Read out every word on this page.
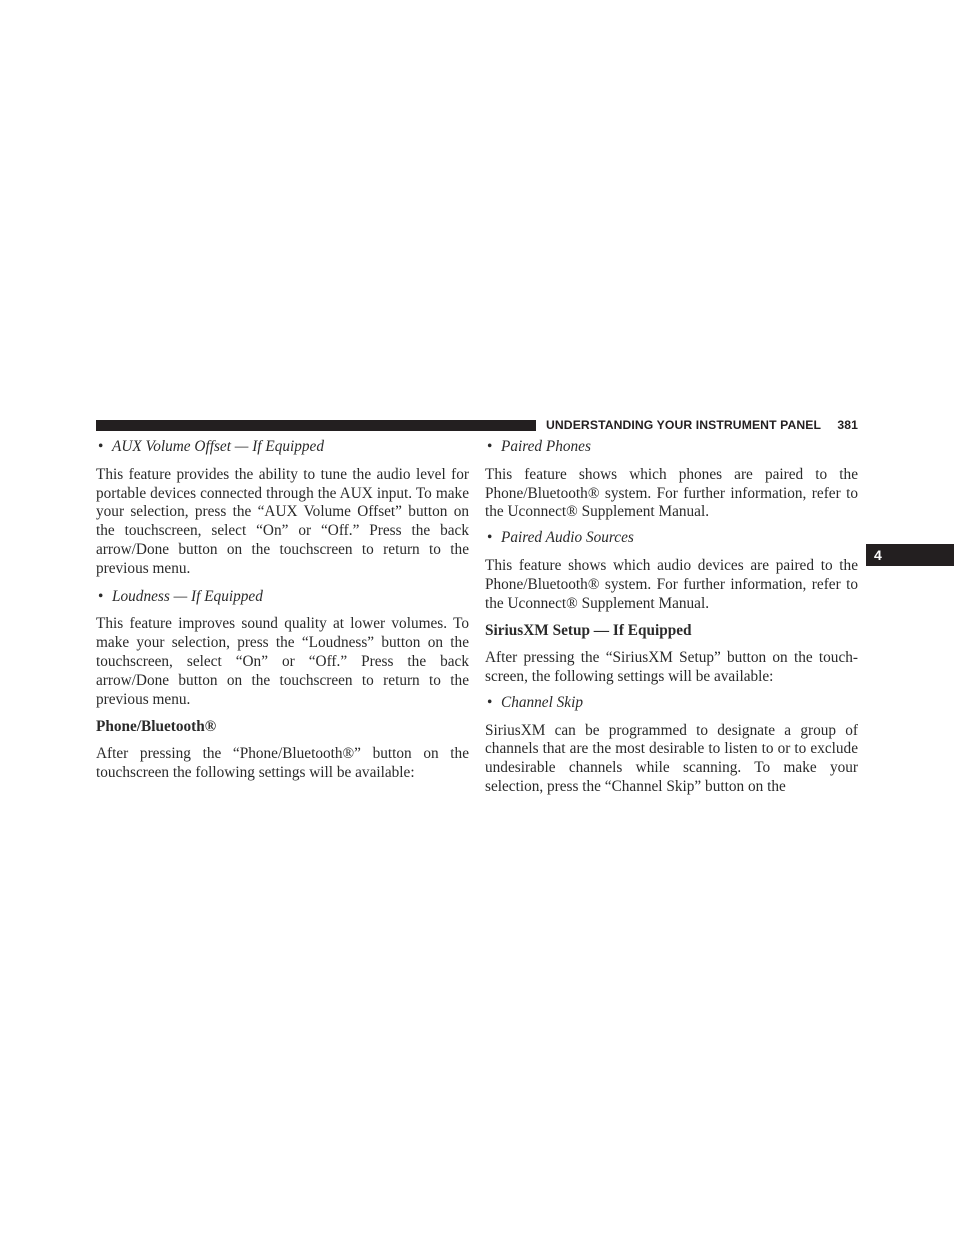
UNDERSTANDING YOUR INSTRUMENT PANEL 381
4

• AUX Volume Offset — If Equipped

This feature provides the ability to tune the audio level for portable devices connected through the AUX input. To make your selection, press the “AUX Volume Offset” button on the touchscreen, select “On” or “Off.” Press the back arrow/Done button on the touchscreen to return to the previous menu.

• Loudness — If Equipped

This feature improves sound quality at lower volumes. To make your selection, press the “Loudness” button on the touchscreen, select “On” or “Off.” Press the back arrow/Done button on the touchscreen to return to the previous menu.

Phone/Bluetooth®

After pressing the “Phone/Bluetooth®” button on the touchscreen the following settings will be available:

• Paired Phones

This feature shows which phones are paired to the Phone/Bluetooth® system. For further information, refer to the Uconnect® Supplement Manual.

• Paired Audio Sources

This feature shows which audio devices are paired to the Phone/Bluetooth® system. For further information, refer to the Uconnect® Supplement Manual.

SiriusXM Setup — If Equipped

After pressing the “SiriusXM Setup” button on the touch-screen, the following settings will be available:

• Channel Skip

SiriusXM can be programmed to designate a group of channels that are the most desirable to listen to or to exclude undesirable channels while scanning. To make your selection, press the “Channel Skip” button on the
